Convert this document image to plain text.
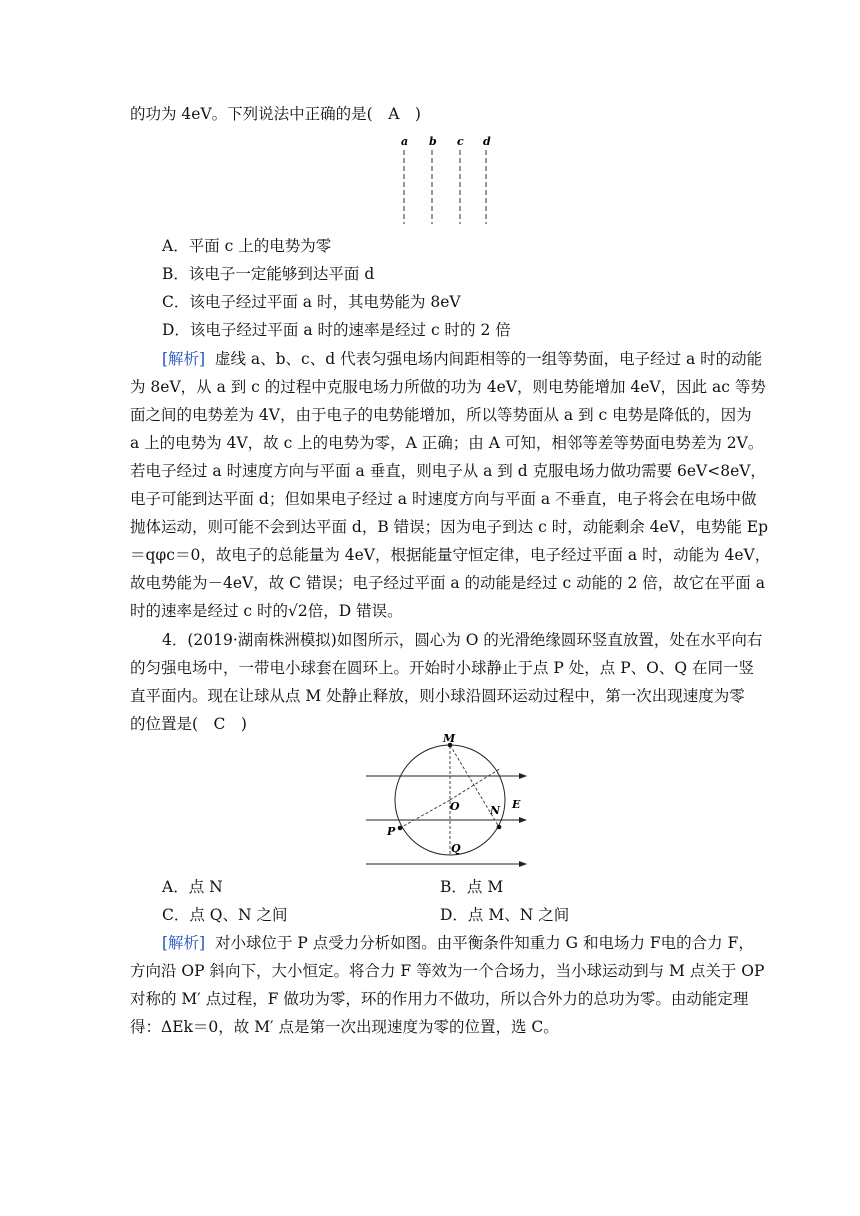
的功为 4eV。下列说法中正确的是(　A　)
a b c d
A．平面 c 上的电势为零
B．该电子一定能够到达平面 d
C．该电子经过平面 a 时，其电势能为 8eV
D．该电子经过平面 a 时的速率是经过 c 时的 2 倍
[解析] 虚线 a、b、c、d 代表匀强电场内间距相等的一组等势面，电子经过 a 时的动能
为 8eV，从 a 到 c 的过程中克服电场力所做的功为 4eV，则电势能增加 4eV，因此 ac 等势
面之间的电势差为 4V，由于电子的电势能增加，所以等势面从 a 到 c 电势是降低的，因为
a 上的电势为 4V，故 c 上的电势为零，A 正确；由 A 可知，相邻等差等势面电势差为 2V。
若电子经过 a 时速度方向与平面 a 垂直，则电子从 a 到 d 克服电场力做功需要 6eV<8eV，
电子可能到达平面 d；但如果电子经过 a 时速度方向与平面 a 不垂直，电子将会在电场中做
抛体运动，则可能不会到达平面 d，B 错误；因为电子到达 c 时，动能剩余 4eV，电势能 Ep
＝qφc＝0，故电子的总能量为 4eV，根据能量守恒定律，电子经过平面 a 时，动能为 4eV，
故电势能为－4eV，故 C 错误；电子经过平面 a 的动能是经过 c 动能的 2 倍，故它在平面 a
时的速率是经过 c 时的√2倍，D 错误。
4．(2019·湖南株洲模拟)如图所示，圆心为 O 的光滑绝缘圆环竖直放置，处在水平向右
的匀强电场中，一带电小球套在圆环上。开始时小球静止于点 P 处，点 P、O、Q 在同一竖
直平面内。现在让球从点 M 处静止释放，则小球沿圆环运动过程中，第一次出现速度为零
的位置是(　C　)
M
O	N E
P
Q
A．点 N	B．点 M
C．点 Q、N 之间	D．点 M、N 之间
[解析] 对小球位于 P 点受力分析如图。由平衡条件知重力 G 和电场力 F电的合力 F，
方向沿 OP 斜向下，大小恒定。将合力 F 等效为一个合场力，当小球运动到与 M 点关于 OP
对称的 M′ 点过程，F 做功为零，环的作用力不做功，所以合外力的总功为零。由动能定理
得：ΔEk＝0，故 M′ 点是第一次出现速度为零的位置，选 C。
